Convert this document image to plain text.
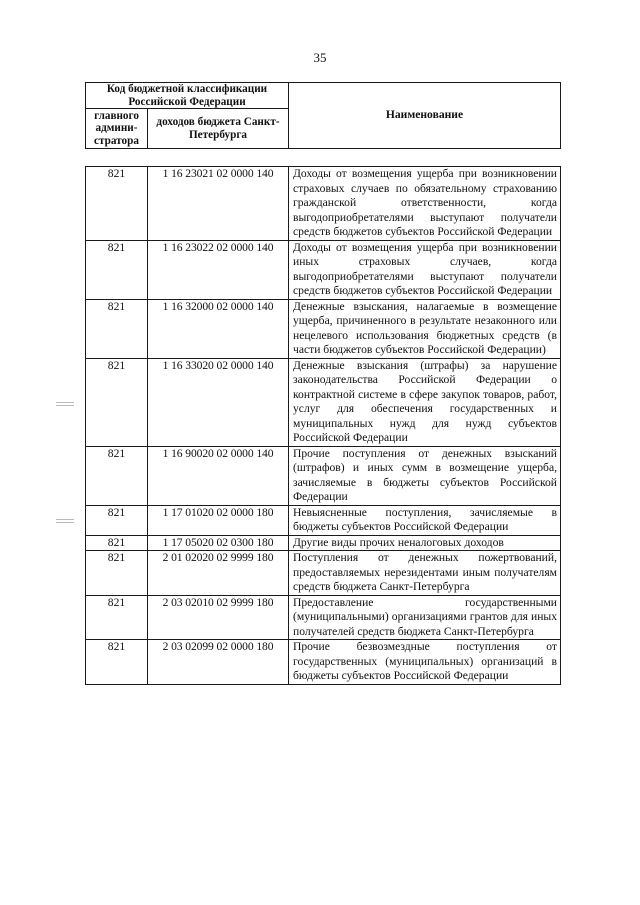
35
Код бюджетной классификации Российской Федерации		Наименование
главного админи-стратора	доходов бюджета Санкт-Петербурга	
821	1 16 23021 02 0000 140	Доходы от возмещения ущерба при возникновении страховых случаев по обязательному страхованию гражданской ответственности, когда выгодоприобретателями выступают получатели средств бюджетов субъектов Российской Федерации
821	1 16 23022 02 0000 140	Доходы от возмещения ущерба при возникновении иных страховых случаев, когда выгодоприобретателями выступают получатели средств бюджетов субъектов Российской Федерации
821	1 16 32000 02 0000 140	Денежные взыскания, налагаемые в возмещение ущерба, причиненного в результате незаконного или нецелевого использования бюджетных средств (в части бюджетов субъектов Российской Федерации)
821	1 16 33020 02 0000 140	Денежные взыскания (штрафы) за нарушение законодательства Российской Федерации о контрактной системе в сфере закупок товаров, работ, услуг для обеспечения государственных и муниципальных нужд для нужд субъектов Российской Федерации
821	1 16 90020 02 0000 140	Прочие поступления от денежных взысканий (штрафов) и иных сумм в возмещение ущерба, зачисляемые в бюджеты субъектов Российской Федерации
821	1 17 01020 02 0000 180	Невыясненные поступления, зачисляемые в бюджеты субъектов Российской Федерации
821	1 17 05020 02 0300 180	Другие виды прочих неналоговых доходов
821	2 01 02020 02 9999 180	Поступления от денежных пожертвований, предоставляемых нерезидентами иным получателям средств бюджета Санкт-Петербурга
821	2 03 02010 02 9999 180	Предоставление государственными (муниципальными) организациями грантов для иных получателей средств бюджета Санкт-Петербурга
821	2 03 02099 02 0000 180	Прочие безвозмездные поступления от государственных (муниципальных) организаций в бюджеты субъектов Российской Федерации
